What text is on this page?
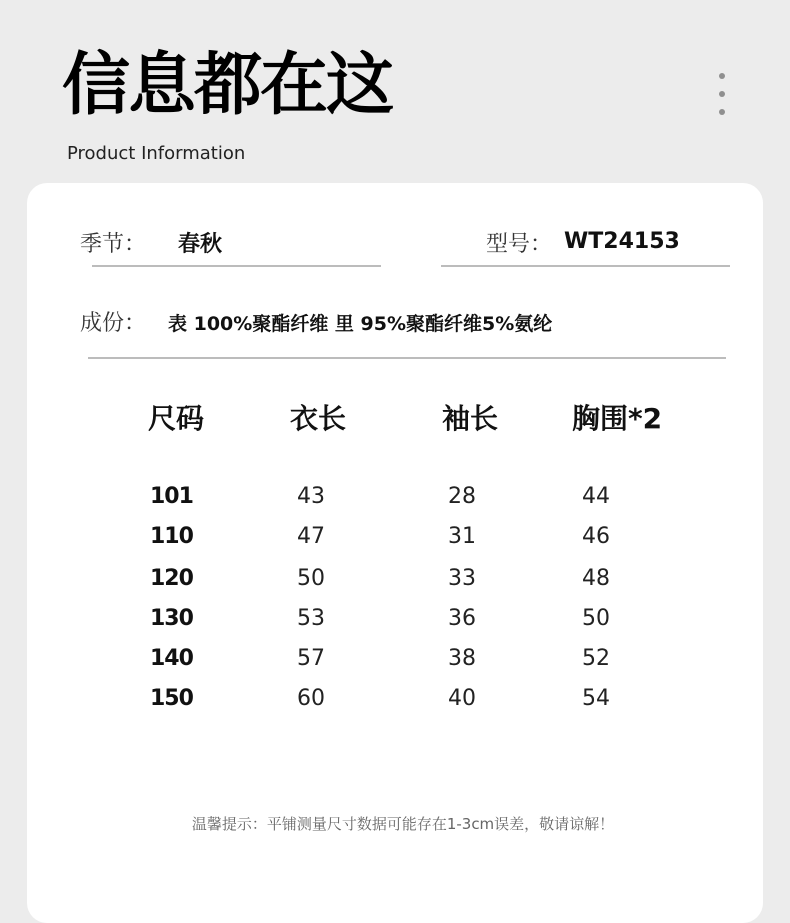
信息都在这
Product Information
季节： 春秋	型号： WT24153
成份： 表 100%聚酯纤维 里 95%聚酯纤维5%氨纶
尺码	衣长	袖长	胸围*2
101	43	28	44
110	47	31	46
120	50	33	48
130	53	36	50
140	57	38	52
150	60	40	54
温馨提示：平铺测量尺寸数据可能存在1-3cm误差，敬请谅解！
